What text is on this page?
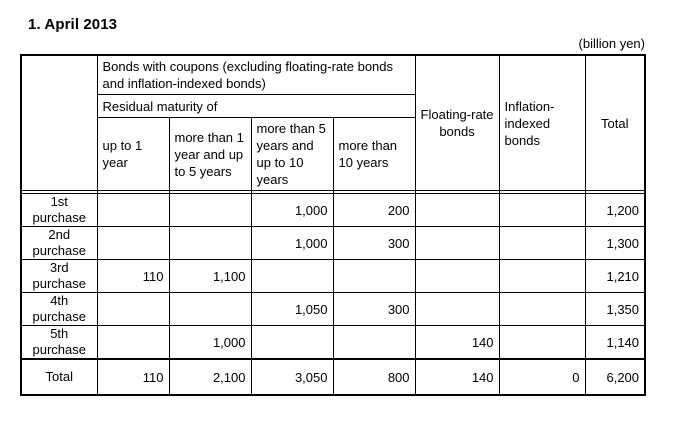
1. April 2013
(billion yen)
	Bonds with coupons (excluding floating-rate bonds and inflation-indexed bonds)				Floating-rate bonds	Inflation-indexed bonds	Total
	Residual maturity of						
	up to 1 year	more than 1 year and up to 5 years	more than 5 years and up to 10 years	more than 10 years			

1st purchase			1,000	200			1,200
2nd purchase			1,000	300			1,300
3rd purchase	110	1,100					1,210
4th purchase			1,050	300			1,350
5th purchase		1,000			140		1,140
Total	110	2,100	3,050	800	140	0	6,200
